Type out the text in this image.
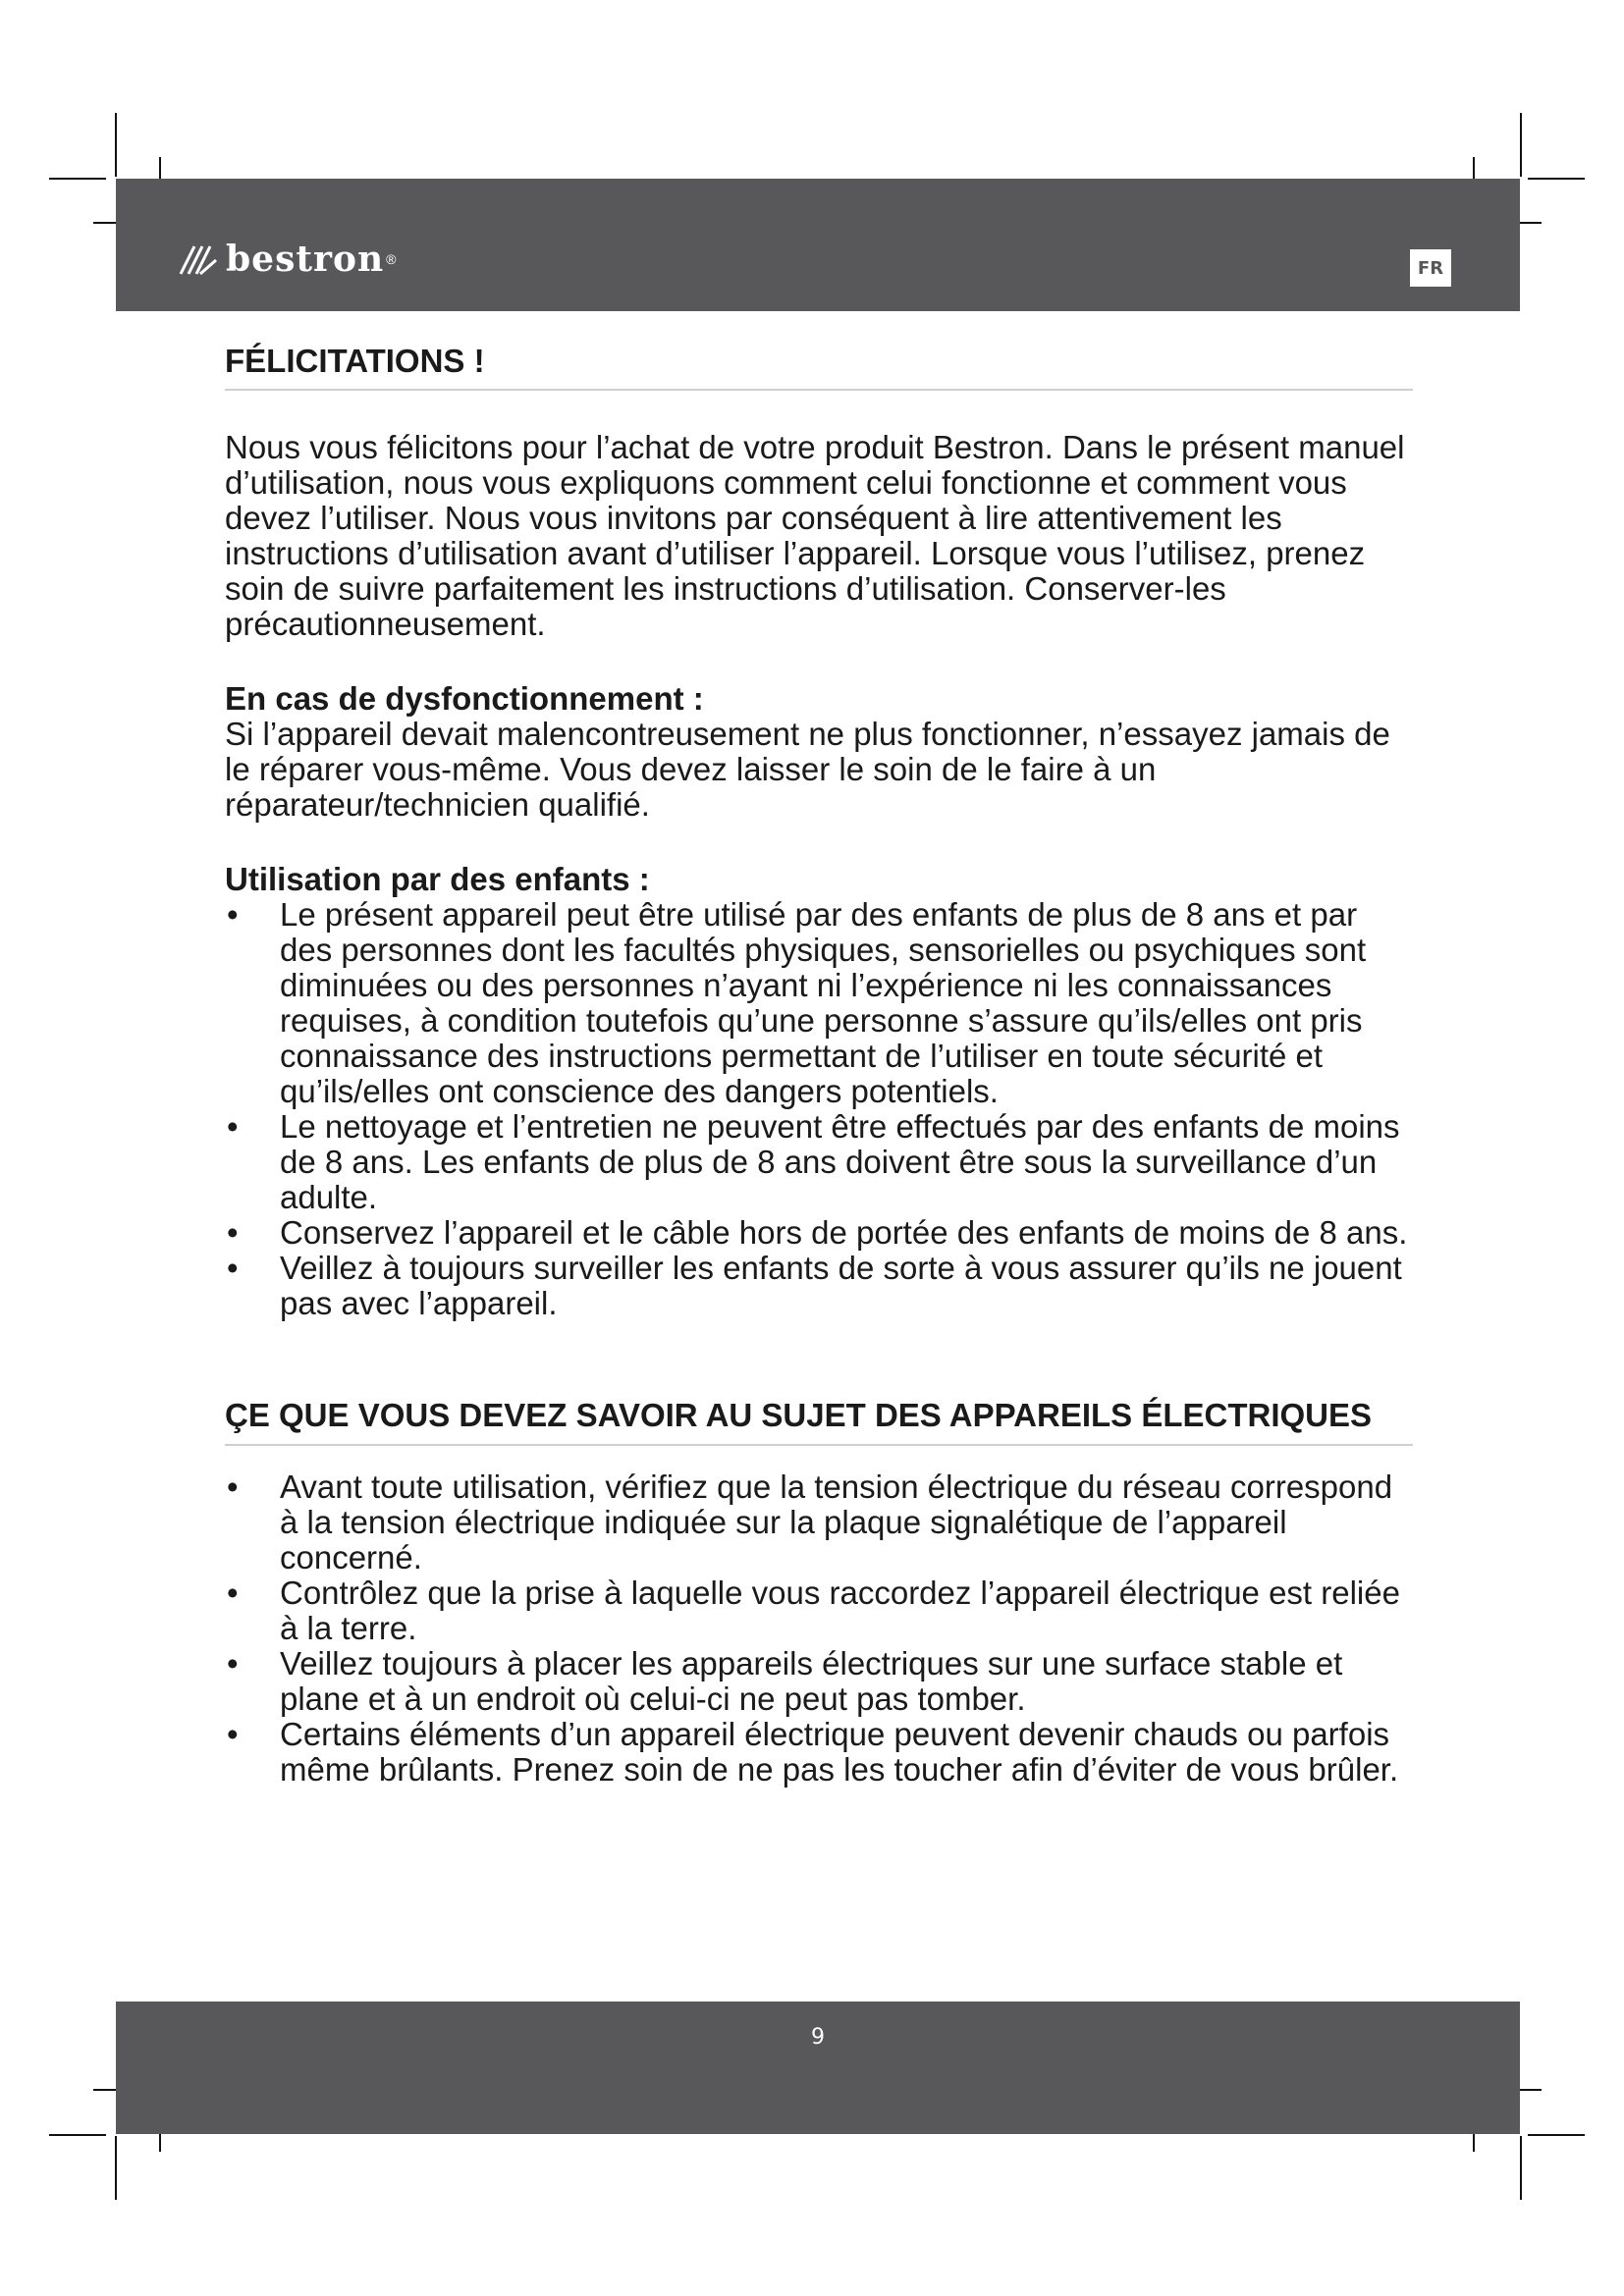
bestron ®	FR
FÉLICITATIONS !

Nous vous félicitons pour l’achat de votre produit Bestron. Dans le présent manuel d’utilisation, nous vous expliquons comment celui fonctionne et comment vous devez l’utiliser. Nous vous invitons par conséquent à lire attentivement les instructions d’utilisation avant d’utiliser l’appareil. Lorsque vous l’utilisez, prenez soin de suivre parfaitement les instructions d’utilisation. Conserver-les précautionneusement.

En cas de dysfonctionnement :

Si l’appareil devait malencontreusement ne plus fonctionner, n’essayez jamais de le réparer vous-même. Vous devez laisser le soin de le faire à un réparateur/technicien qualifié.

Utilisation par des enfants :

• Le présent appareil peut être utilisé par des enfants de plus de 8 ans et par des personnes dont les facultés physiques, sensorielles ou psychiques sont diminuées ou des personnes n’ayant ni l’expérience ni les connaissances requises, à condition toutefois qu’une personne s’assure qu’ils/elles ont pris connaissance des instructions permettant de l’utiliser en toute sécurité et qu’ils/elles ont conscience des dangers potentiels.
• Le nettoyage et l’entretien ne peuvent être effectués par des enfants de moins de 8 ans. Les enfants de plus de 8 ans doivent être sous la surveillance d’un adulte.
• Conservez l’appareil et le câble hors de portée des enfants de moins de 8 ans.
• Veillez à toujours surveiller les enfants de sorte à vous assurer qu’ils ne jouent pas avec l’appareil.
ÇE QUE VOUS DEVEZ SAVOIR AU SUJET DES APPAREILS ÉLECTRIQUES
• Avant toute utilisation, vérifiez que la tension électrique du réseau correspond à la tension électrique indiquée sur la plaque signalétique de l’appareil concerné.
• Contrôlez que la prise à laquelle vous raccordez l’appareil électrique est reliée à la terre.
• Veillez toujours à placer les appareils électriques sur une surface stable et plane et à un endroit où celui-ci ne peut pas tomber.
• Certains éléments d’un appareil électrique peuvent devenir chauds ou parfois même brûlants. Prenez soin de ne pas les toucher afin d’éviter de vous brûler.
9
